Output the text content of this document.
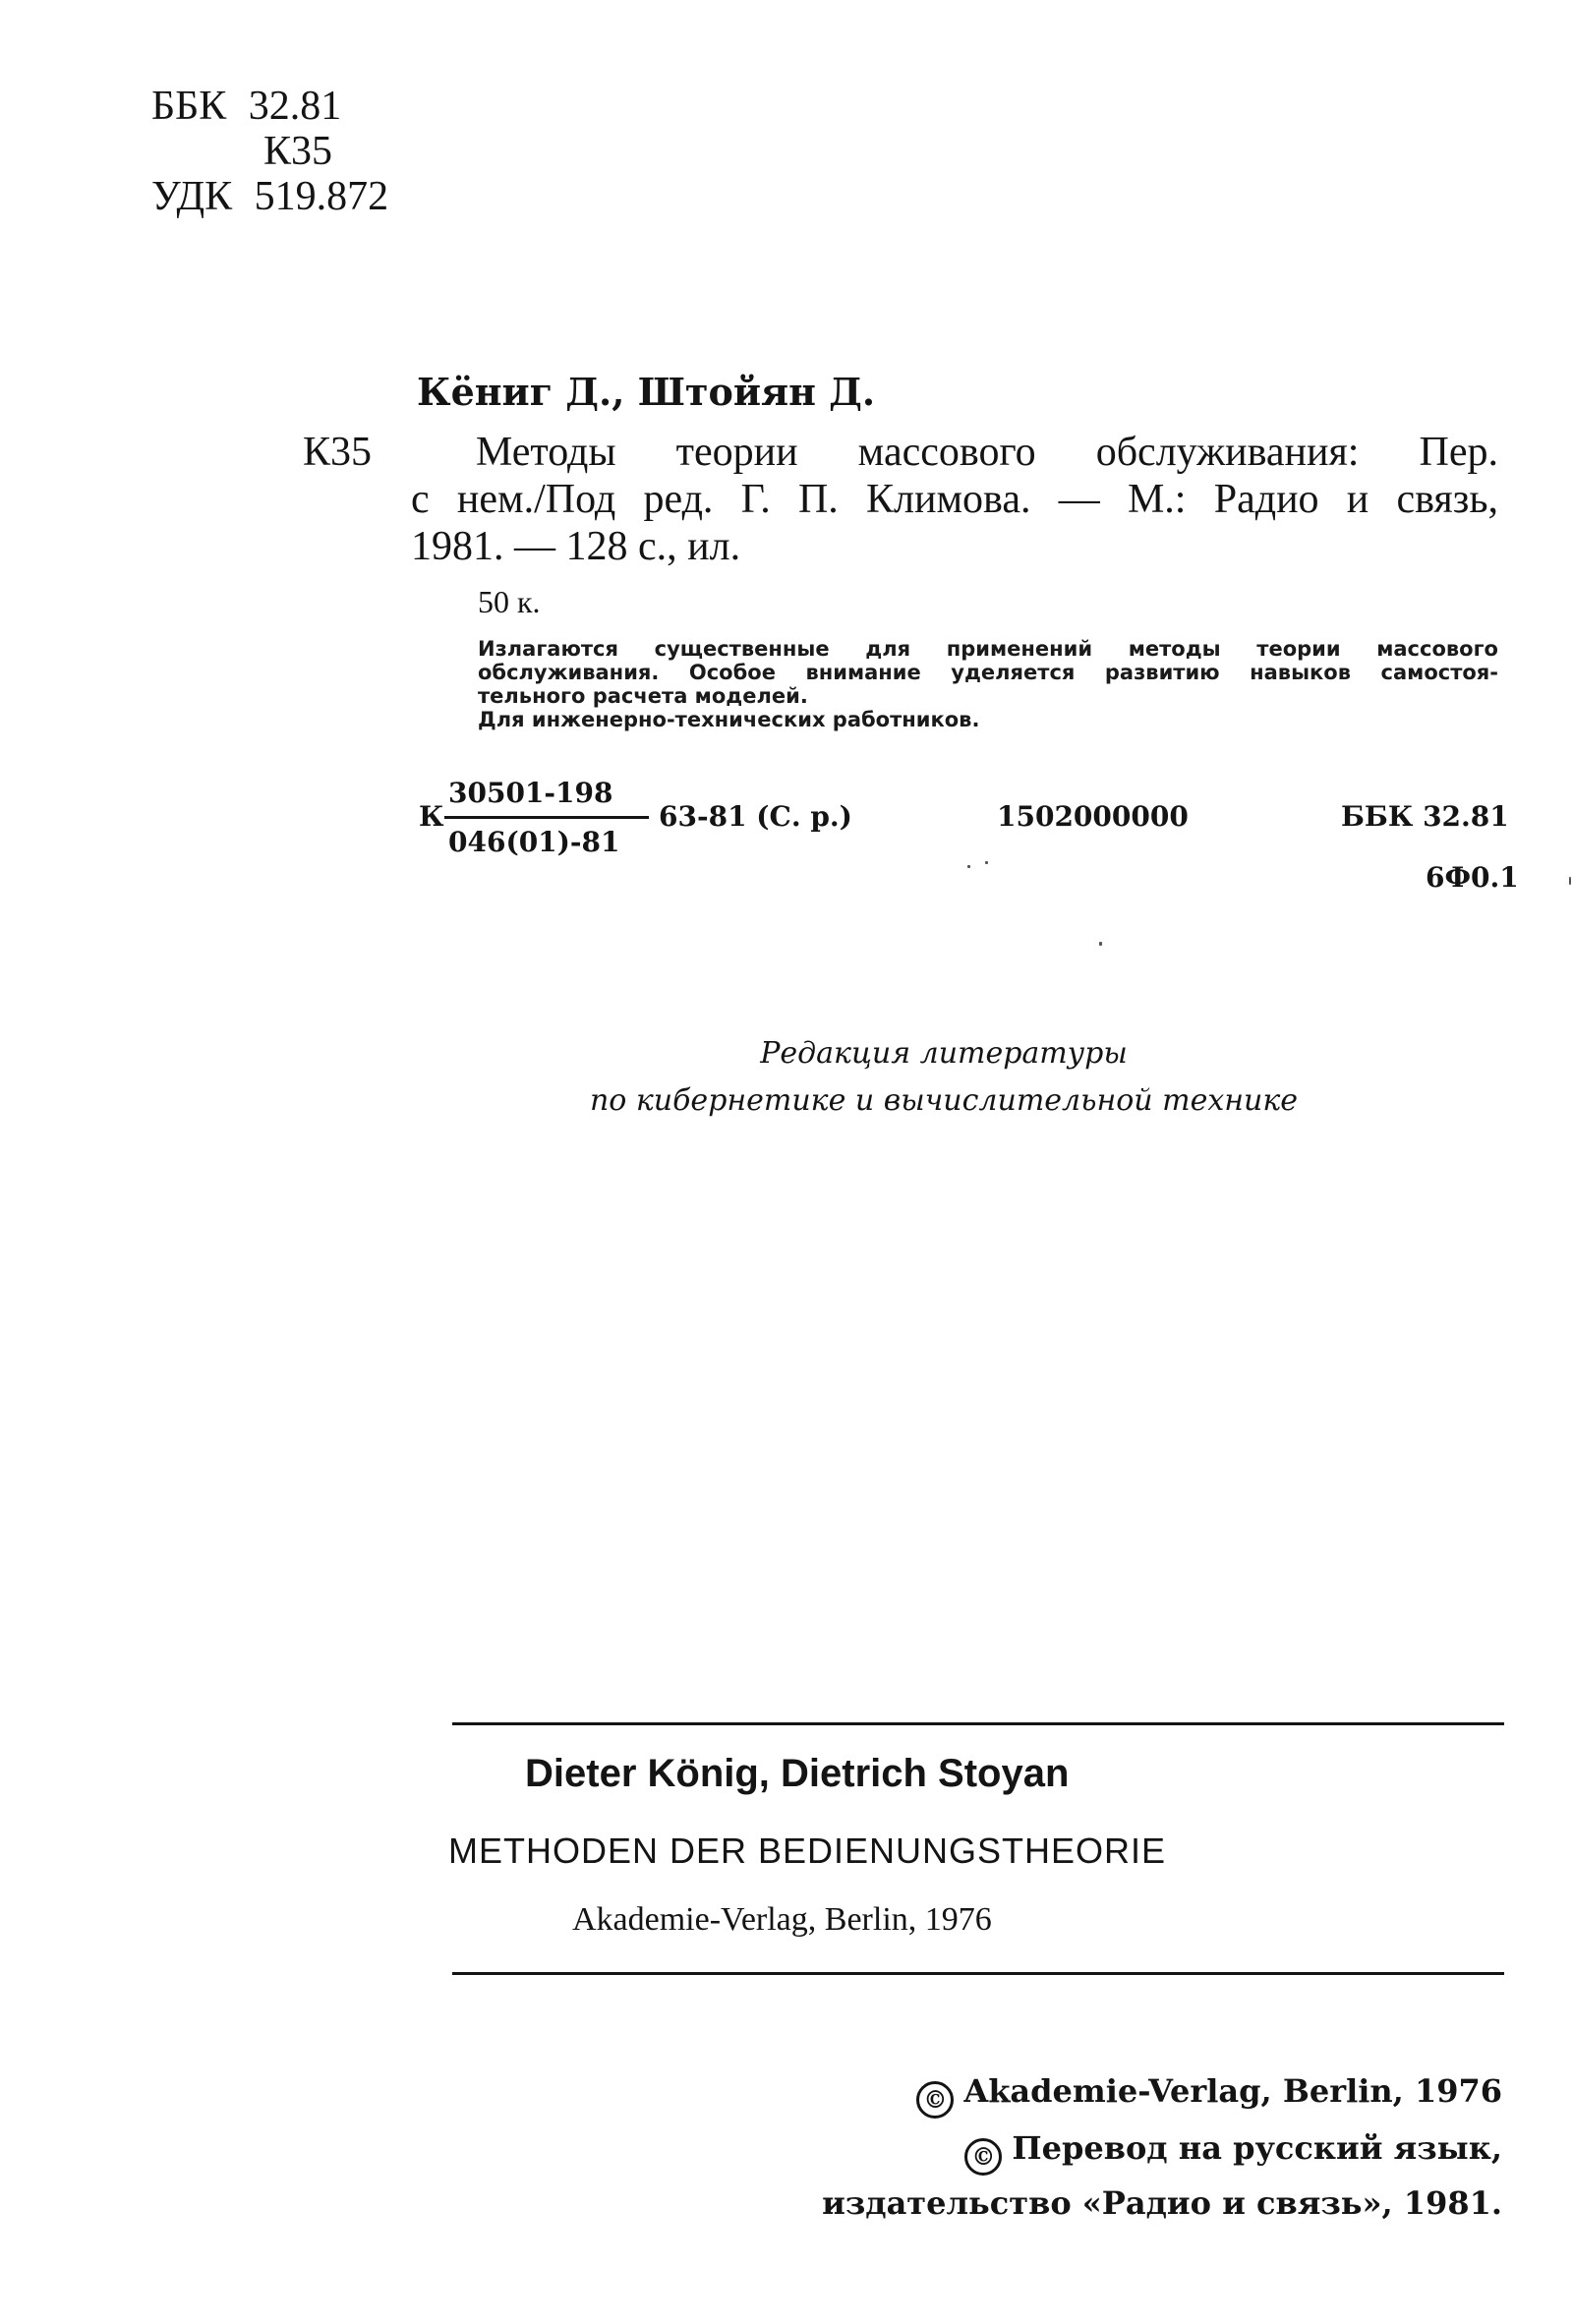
ББК 32.81
К35
УДК 519.872
Кёниг Д., Штойян Д.
К35	Методы теории массового обслуживания: Пер.
с нем./Под ред. Г. П. Климова. — М.: Радио и связь,
1981. — 128 с., ил.
50 к.
Излагаются существенные для применений методы теории массового
обслуживания. Особое внимание уделяется развитию навыков самостоя-
тельного расчета моделей.
Для инженерно-технических работников.
К
30501-198
046(01)-81
63-81 (С. р.)	1502000000	ББК 32.81
6Ф0.1
Редакция литературы
по кибернетике и вычислительной технике
Dieter König, Dietrich Stoyan
METHODEN DER BEDIENUNGSTHEORIE
Akademie-Verlag, Berlin, 1976
© Akademie-Verlag, Berlin, 1976
© Перевод на русский язык,
издательство «Радио и связь», 1981.
